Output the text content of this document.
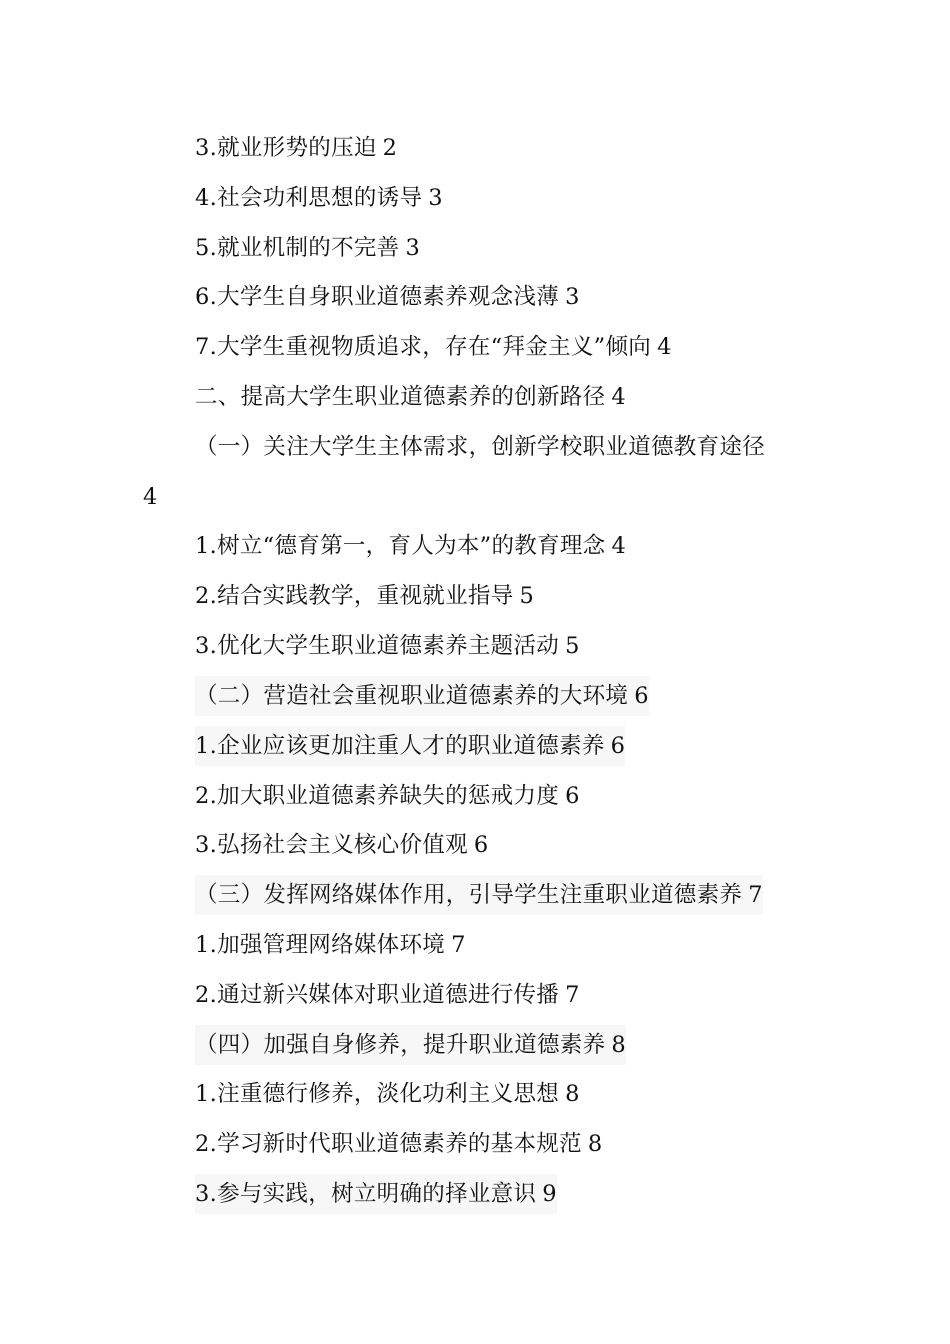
3.就业形势的压迫 2
4.社会功利思想的诱导 3
5.就业机制的不完善 3
6.大学生自身职业道德素养观念浅薄 3
7.大学生重视物质追求，存在“拜金主义”倾向 4
二、提高大学生职业道德素养的创新路径 4
（一）关注大学生主体需求，创新学校职业道德教育途径
4
1.树立“德育第一，育人为本”的教育理念 4
2.结合实践教学，重视就业指导 5
3.优化大学生职业道德素养主题活动 5
（二）营造社会重视职业道德素养的大环境 6
1.企业应该更加注重人才的职业道德素养 6
2.加大职业道德素养缺失的惩戒力度 6
3.弘扬社会主义核心价值观 6
（三）发挥网络媒体作用，引导学生注重职业道德素养 7
1.加强管理网络媒体环境 7
2.通过新兴媒体对职业道德进行传播 7
（四）加强自身修养，提升职业道德素养 8
1.注重德行修养，淡化功利主义思想 8
2.学习新时代职业道德素养的基本规范 8
3.参与实践，树立明确的择业意识 9
